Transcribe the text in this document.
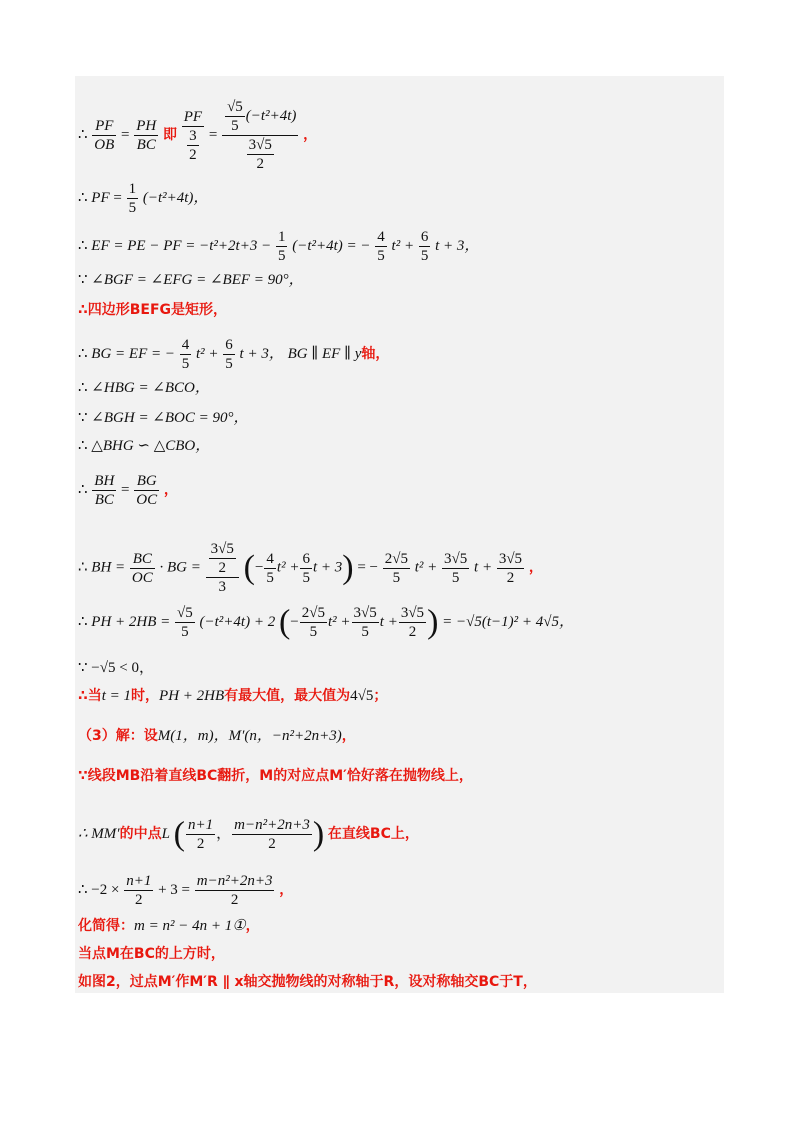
∴ $\frac{PF}{OB} = \frac{PH}{BC}$ 即 $\frac{PF}{\frac{3}{2}} = \frac{\frac{√5}{5} (-t^2+4t)}{\frac{3√5}{2}}$ ，
∴ PF = $\frac{1}{5} (-t^2+4t)$，
∴ EF = PE − PF = $-t^2+2t+3 - \frac{1}{5} (-t^2+4t)$ = − $\frac{4}{5} t^2 + \frac{6}{5}$ t + 3，
∵ ∠BGF = ∠EFG = ∠BEF = 90°，
∴四边形BEFG是矩形，
∴ BG = EF = − $\frac{4}{5} t^2 + \frac{6}{5}$ t + 3， BG ∥ EF ∥ y轴，
∴ ∠HBG = ∠BCO，
∵ ∠BGH = ∠BOC = 90°，
∴ △BHG ∽ △CBO，
∴ $\frac{BH}{BC} = \frac{BG}{OC}$ ，
∴ BH = $\frac{BC}{OC}$ · BG = $\frac{\frac{3√5}{2}}{3}$ (− $\frac{4}{5} t^2 + \frac{6}{5}$ t + 3) = − $\frac{2√5}{5} t^2 + \frac{3√5}{5}$ $t + \frac{3√5}{2}$ ，
∴ PH + $2HB = \frac{√5}{5} (-t^2+4t) + 2$ (− $\frac{2√5}{5} t^2 + \frac{3√5}{5}$ $t + \frac{3√5}{2}$ ) = −√5(t−1)² + 4√5，
∵ −√5 < 0，
∴当t = 1时，PH + 2HB有最大值，最大值为4√5；
（3）解：设M(1，m)，M′(n，−n²+2n+3)，
∵线段MB沿着直线BC翻折，M的对应点M′恰好落在抛物线上，
∴ MM′的中点L ( $\frac{n+1}{2}$ ， $\frac{\text{m−n²+2n+3}}{2}$ ) 在直线BC上，
∴ $-2 \times \frac{n+1}{2} + 3 = \frac{\text{m−n²+2n+3}}{2}$ ，
化简得：m = n² − 4n + 1①，
当点M在BC的上方时，
如图2，过点M′作M′R ∥ x轴交抛物线的对称轴于R，设对称轴交BC于T，
